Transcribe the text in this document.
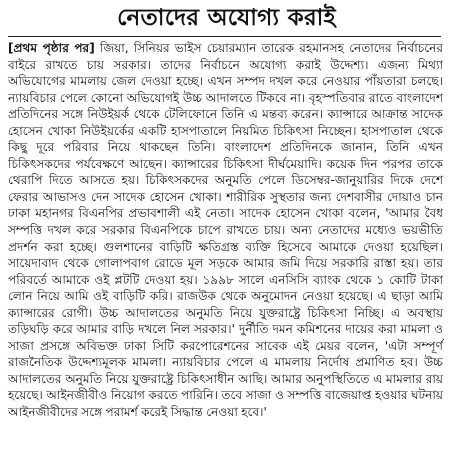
নেতাদের অযোগ্য করাই
[প্রথম পৃষ্ঠার পর] জিয়া, সিনিয়র ভাইস চেয়ারম্যান তারেক রহমানসহ নেতাদের নির্বাচনের বাইরে রাখতে চায় সরকার। তাদের নির্বাচনে অযোগ্য করাই উদ্দেশ্য। এজন্য মিথ্যা অভিযোগের মামলায় জেল দেওয়া হচ্ছে। এখন সম্পদ দখল করে নেওয়ার পাঁয়তারা চলছে। ন্যায়বিচার পেলে কোনো অভিযোগই উচ্চ আদালতে টিকবে না। বৃহস্পতিবার রাতে বাংলাদেশ প্রতিদিনের সঙ্গে নিউইয়র্ক থেকে টেলিফোনে তিনি এ মন্তব্য করেন। ক্যান্সারে আক্রান্ত সাদেক হোসেন খোকা নিউইয়র্কের একটি হাসপাতালে নিয়মিত চিকিৎসা নিচ্ছেন। হাসপাতাল থেকে কিছু দূরে পরিবার নিয়ে থাকছেন তিনি। বাংলাদেশ প্রতিদিনকে জানান, তিনি এখন চিকিৎসকদের পর্যবেক্ষণে আছেন। ক্যান্সারের চিকিৎসা দীর্ঘমেয়াদি। কয়েক দিন পরপর তাকে থেরাপি দিতে আসতে হয়। চিকিৎসকদের অনুমতি পেলে ডিসেম্বর-জানুয়ারির দিকে দেশে ফেরার আভাসও দেন সাদেক হোসেন খোকা। শারীরিক সুস্থতার জন্য দেশবাসীর দোয়াও চান ঢাকা মহানগর বিএনপির প্রভাবশালী এই নেতা। সাদেক হোসেন খোকা বলেন, 'আমার বৈধ সম্পত্তি দখল করে সরকার বিএনপিকে চাপে রাখতে চায়। অন্য নেতাদের মধ্যেও ভয়ভীতি প্রদর্শন করা হচ্ছে। গুলশানের বাড়িটি ক্ষতিগ্রস্ত ব্যক্তি হিসেবে আমাকে দেওয়া হয়েছিল। সায়েদাবাদ থেকে গোলাপবাগ রোডে মূল সড়কে আমার জমি দিয়ে সরকারি রাস্তা হয়। তার পরিবর্তে আমাকে ওই প্লটটি দেওয়া হয়। ১৯৯৮ সালে এনসিসি ব্যাংক থেকে ১ কোটি টাকা লোন নিয়ে আমি ওই বাড়িটি করি। রাজউক থেকে অনুমোদন নেওয়া হয়েছে। এ ছাড়া আমি ক্যান্সারের রোগী। উচ্চ আদালতের অনুমতি নিয়ে যুক্তরাষ্ট্রে চিকিৎসা নিচ্ছি। এ অবস্থায় তড়িঘড়ি করে আমার বাড়ি দখলে নিল সরকার।' দুর্নীতি দমন কমিশনের দায়ের করা মামলা ও সাজা প্রসঙ্গে অবিভক্ত ঢাকা সিটি করপোরেশনের সাবেক এই মেয়র বলেন, 'এটা সম্পূর্ণ রাজনৈতিক উদ্দেশ্যমূলক মামলা। ন্যায়বিচার পেলে এ মামলায় নির্দোষ প্রমাণিত হব। উচ্চ আদালতের অনুমতি নিয়ে যুক্তরাষ্ট্রে চিকিৎসাধীন আছি। আমার অনুপস্থিতিতে এ মামলার রায় হয়েছে। আইনজীবীও নিয়োগ করতে পারিনি। তবে সাজা ও সম্পত্তি বাজেয়াপ্ত হওয়ার ঘটনায় আইনজীবীদের সঙ্গে পরামর্শ করেই সিদ্ধান্ত নেওয়া হবে।'
